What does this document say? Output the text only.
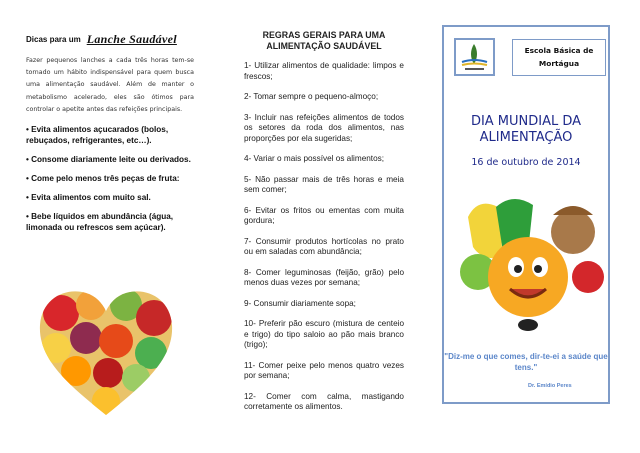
Dicas para um Lanche Saudável
Fazer pequenos lanches a cada três horas tem-se tornado um hábito indispensável para quem busca uma alimentação saudável. Além de manter o metabolismo acelerado, eles são ótimos para controlar o apetite antes das refeições principais.
• Evita alimentos açucarados (bolos, rebuçados, refrigerantes, etc…).
• Consome diariamente leite ou derivados.
• Come pelo menos três peças de fruta:
• Evita alimentos com muito sal.
• Bebe líquidos em abundância (água, limonada ou refrescos sem açúcar).
REGRAS GERAIS PARA UMA ALIMENTAÇÃO SAUDÁVEL

1- Utilizar alimentos de qualidade: limpos e frescos;

2- Tomar sempre o pequeno-almoço;

3- Incluir nas refeições alimentos de todos os setores da roda dos alimentos, nas proporções por ela sugeridas;

4- Variar o mais possível os alimentos;

5- Não passar mais de três horas e meia sem comer;

6- Evitar os fritos ou ementas com muita gordura;

7- Consumir produtos hortícolas no prato ou em saladas com abundância;

8- Comer leguminosas (feijão, grão) pelo menos duas vezes por semana;

9- Consumir diariamente sopa;

10- Preferir pão escuro (mistura de centeio e trigo) do tipo saloio ao pão mais branco (trigo);

11- Comer peixe pelo menos quatro vezes por semana;

12- Comer com calma, mastigando corretamente os alimentos.

Escola Básica de Mortágua
DIA MUNDIAL DA ALIMENTAÇÃO
16 de outubro de 2014
"Diz-me o que comes, dir-te-ei a saúde que tens."
Dr. Emídio Peres
